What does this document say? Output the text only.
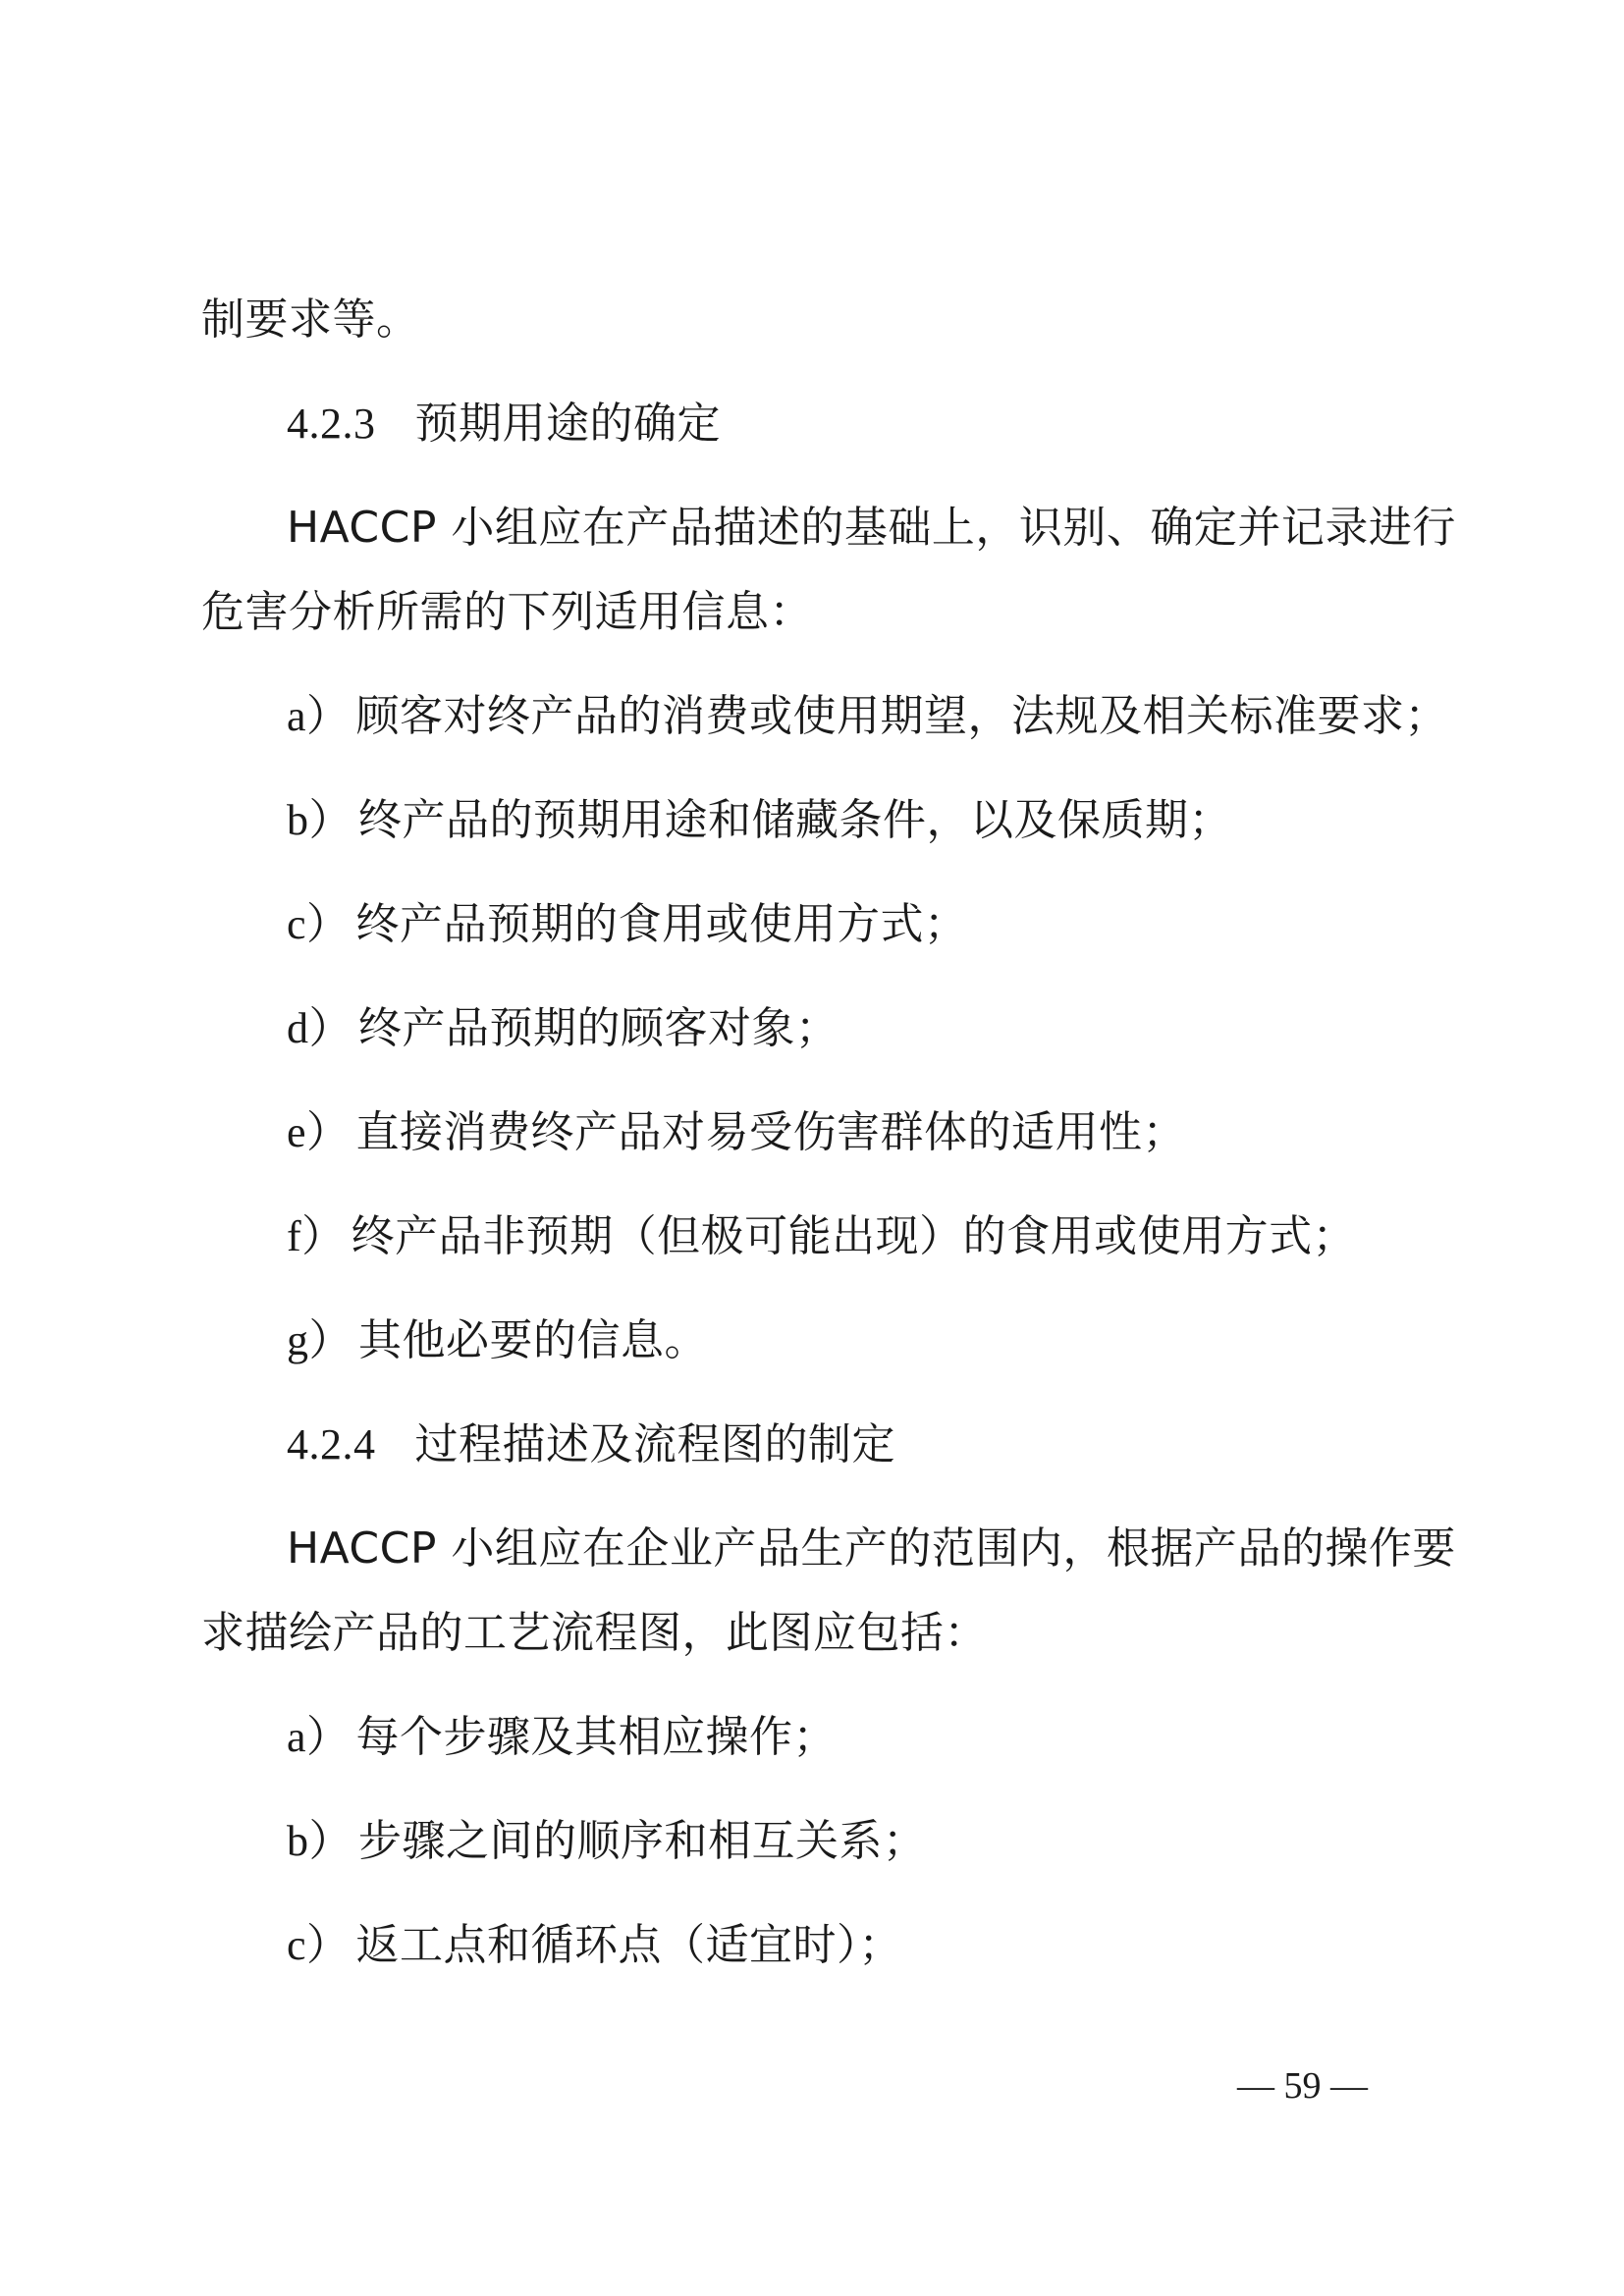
制要求等。
4.2.3 预期用途的确定
HACCP 小组应在产品描述的基础上，识别、确定并记录进行
危害分析所需的下列适用信息：
a） 顾客对终产品的消费或使用期望，法规及相关标准要求；
b） 终产品的预期用途和储藏条件，以及保质期；
c） 终产品预期的食用或使用方式；
d） 终产品预期的顾客对象；
e） 直接消费终产品对易受伤害群体的适用性；
f） 终产品非预期（但极可能出现）的食用或使用方式；
g） 其他必要的信息。
4.2.4 过程描述及流程图的制定
HACCP 小组应在企业产品生产的范围内，根据产品的操作要
求描绘产品的工艺流程图，此图应包括：
a） 每个步骤及其相应操作；
b） 步骤之间的顺序和相互关系；
c） 返工点和循环点（适宜时）；
— 59 —
